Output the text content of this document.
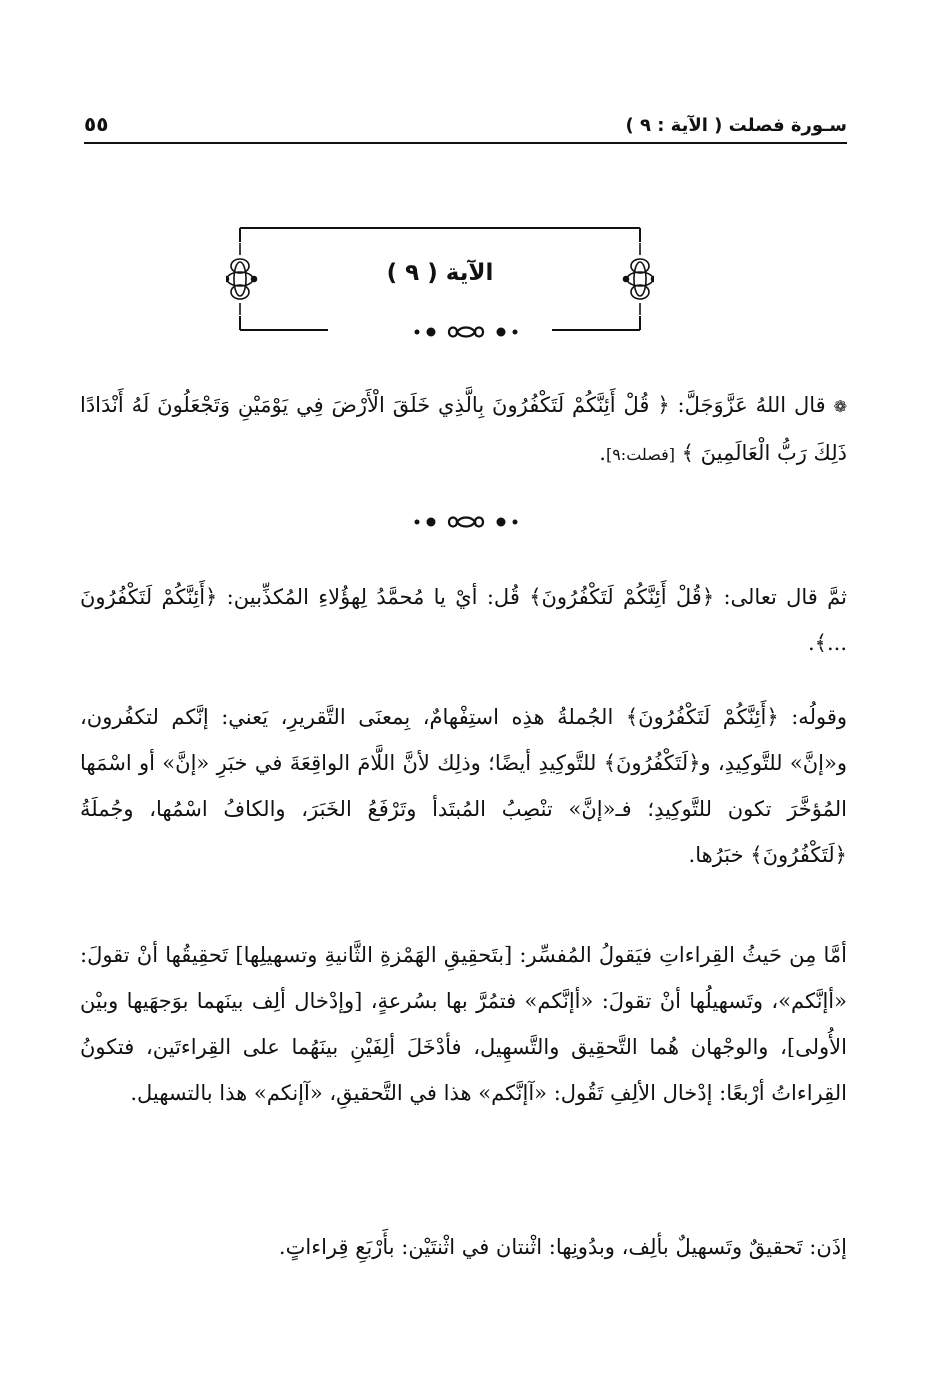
سـورة فصلت ( الآية : ٩ )
٥٥
الآية ( ٩ )

❁ قال اللهُ عَزَّوَجَلَّ: ﴿ قُلْ أَئِنَّكُمْ لَتَكْفُرُونَ بِالَّذِي خَلَقَ الْأَرْضَ فِي يَوْمَيْنِ وَتَجْعَلُونَ لَهُ أَنْدَادًا ذَلِكَ رَبُّ الْعَالَمِينَ ﴾ [فصلت:٩].

ثمَّ قال تعالى: ﴿قُلْ أَئِنَّكُمْ لَتَكْفُرُونَ﴾ قُل: أيْ يا مُحمَّدُ لِهؤُلاءِ المُكذِّبين: ﴿أَئِنَّكُمْ لَتَكْفُرُونَ ...﴾.

وقولُه: ﴿أَئِنَّكُمْ لَتَكْفُرُونَ﴾ الجُملةُ هذِه استِفْهامٌ، بِمعنَى التَّقريرِ، يَعني: إنَّكم لتكفُرون، و«إنَّ» للتَّوكِيدِ، و﴿لَتَكْفُرُونَ﴾ للتَّوكِيدِ أيضًا؛ وذلِك لأنَّ اللَّامَ الواقِعَةَ في خبَرِ «إنَّ» أو اسْمَها المُؤخَّرَ تكون للتَّوكِيدِ؛ فـ«إنَّ» تنْصِبُ المُبتَدأ وتَرْفَعُ الخَبَرَ، والكافُ اسْمُها، وجُملَةُ ﴿لَتَكْفُرُونَ﴾ خبَرُها.

أمَّا مِن حَيثُ القِراءاتِ فيَقولُ المُفسِّر: [بتَحقِيقِ الهَمْزةِ الثَّانيةِ وتسهيلِها] تَحقِيقُها أنْ تقولَ: «أإنَّكم»، وتَسهيلُها أنْ تقولَ: «أإنَّكم» فتمُرَّ بها بسُرعةٍ، [وإدْخال ألِف بينَهما بوَجهَيها وبيْن الأُولى]، والوجْهان هُما التَّحقِيق والتَّسهِيل، فأدْخَلَ ألِفَيْنِ بينَهُما على القِراءتَين، فتكونُ القِراءاتُ أرْبعًا: إدْخال الألِفِ تَقُول: «آإنَّكم» هذا في التَّحقيقِ، «آإنكم» هذا بالتسهيل.

إذَن: تَحقيقٌ وتَسهيلٌ بألِف، وبدُونِها: اثْنتان في اثْنتَيْن: بأَرْبَعِ قِراءاتٍ.
